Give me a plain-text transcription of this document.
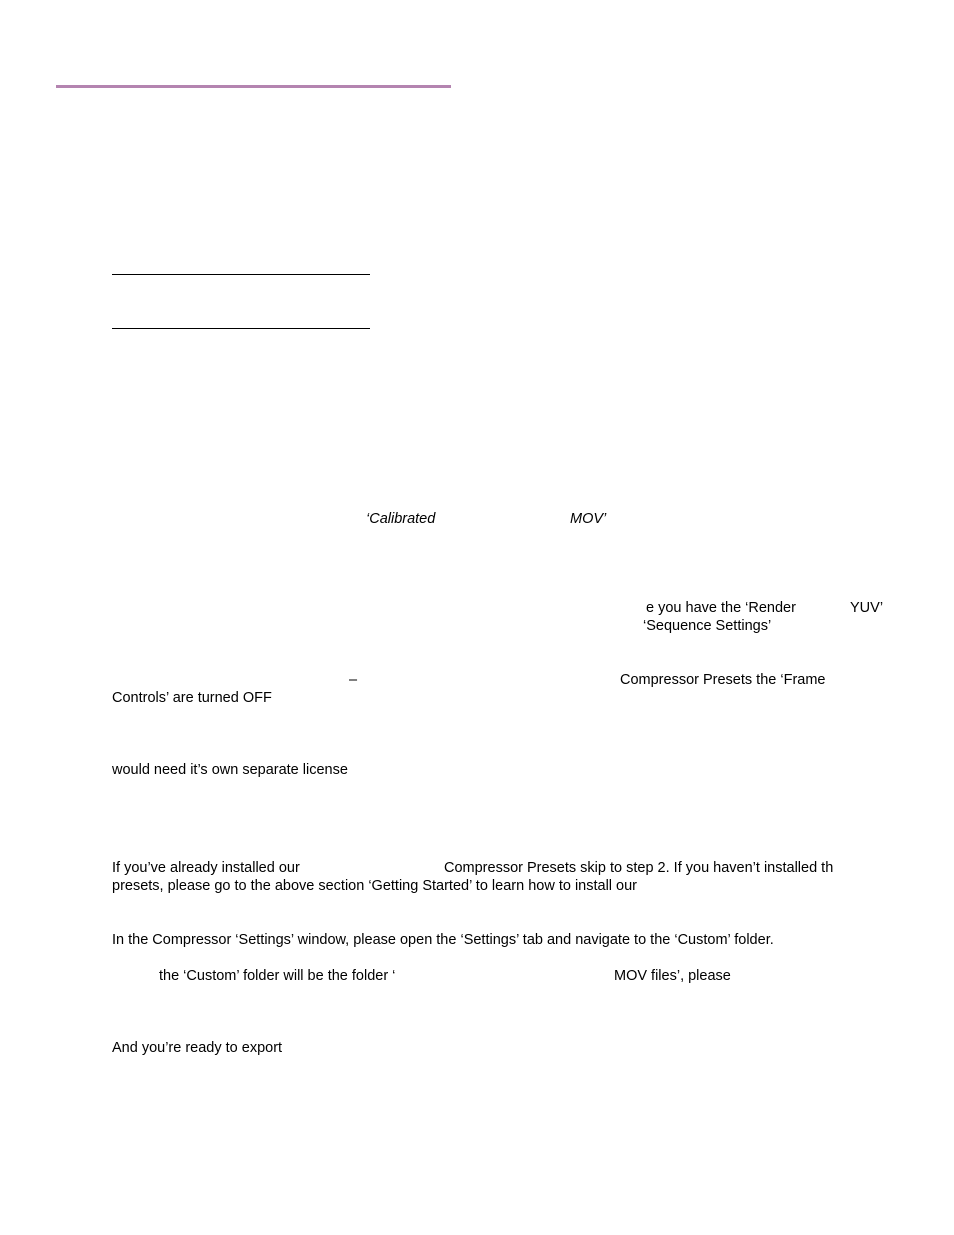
‘Calibrated	MOV’
e you have the ‘Render	YUV’
‘Sequence Settings’
–	Compressor Presets the ‘Frame
Controls’ are turned OFF
would need it’s own separate license
If you’ve already installed our	Compressor Presets skip to step 2. If you haven’t installed th
presets, please go to the above section ‘Getting Started’ to learn how to install our
In the Compressor ‘Settings’ window, please open the ‘Settings’ tab and navigate to the ‘Custom’ folder.
the ‘Custom’ folder will be the folder ‘	MOV files’, please
And you’re ready to export
